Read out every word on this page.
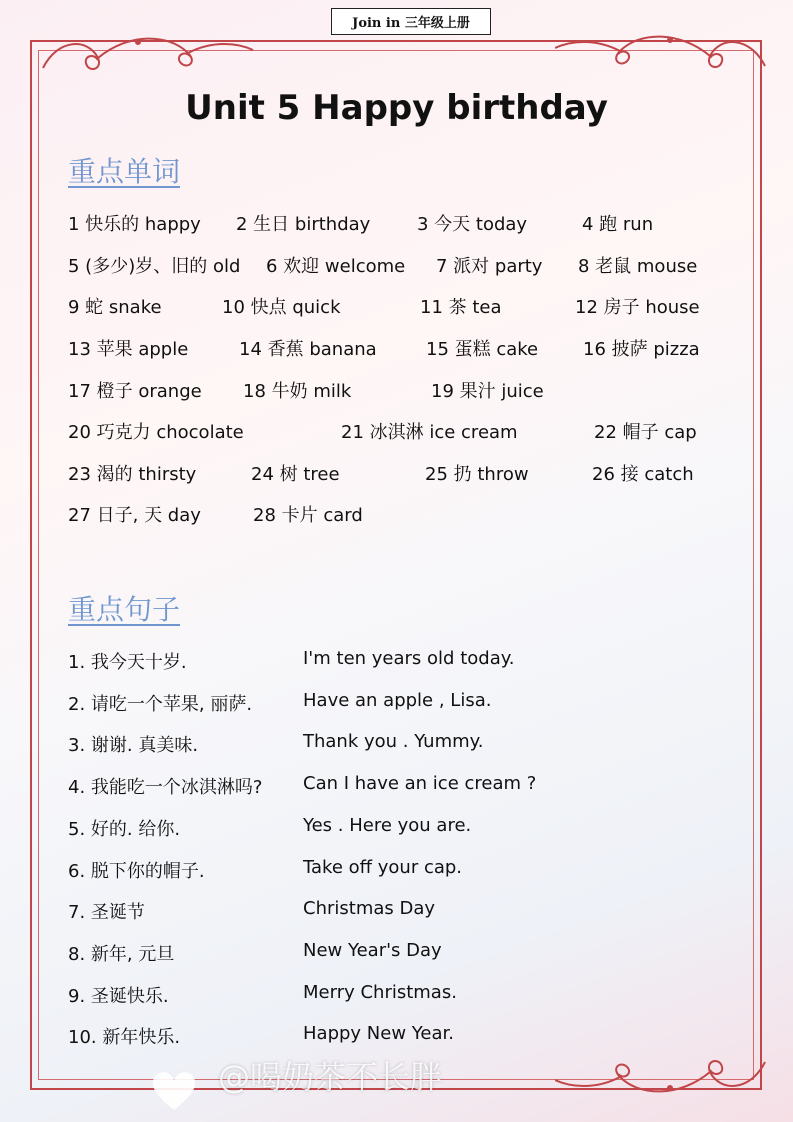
Join in 三年级上册
Unit 5 Happy birthday
重点单词
1 快乐的 happy 2 生日 birthday	3 今天 today	4 跑 run
5 (多少)岁、旧的 old 6 欢迎 welcome 7 派对 party 8 老鼠 mouse
9 蛇 snake	10 快点 quick	11 茶 tea	12 房子 house
13 苹果 apple	14 香蕉 banana	15 蛋糕 cake 16 披萨 pizza
17 橙子 orange 18 牛奶 milk	19 果汁 juice
20 巧克力 chocolate	21 冰淇淋 ice cream	22 帽子 cap
23 渴的 thirsty	24 树 tree	25 扔 throw	26 接 catch
27 日子, 天 day	28 卡片 card
重点句子
1. 我今天十岁.	I'm ten years old today.
2. 请吃一个苹果, 丽萨.	Have an apple , Lisa.
3. 谢谢. 真美味.	Thank you . Yummy.
4. 我能吃一个冰淇淋吗? Can I have an ice cream ?
5. 好的. 给你.	Yes . Here you are.
6. 脱下你的帽子.	Take off your cap.
7. 圣诞节	Christmas Day
8. 新年, 元旦	New Year's Day
9. 圣诞快乐.	Merry Christmas.
10. 新年快乐.	Happy New Year.
@喝奶茶不长胖
